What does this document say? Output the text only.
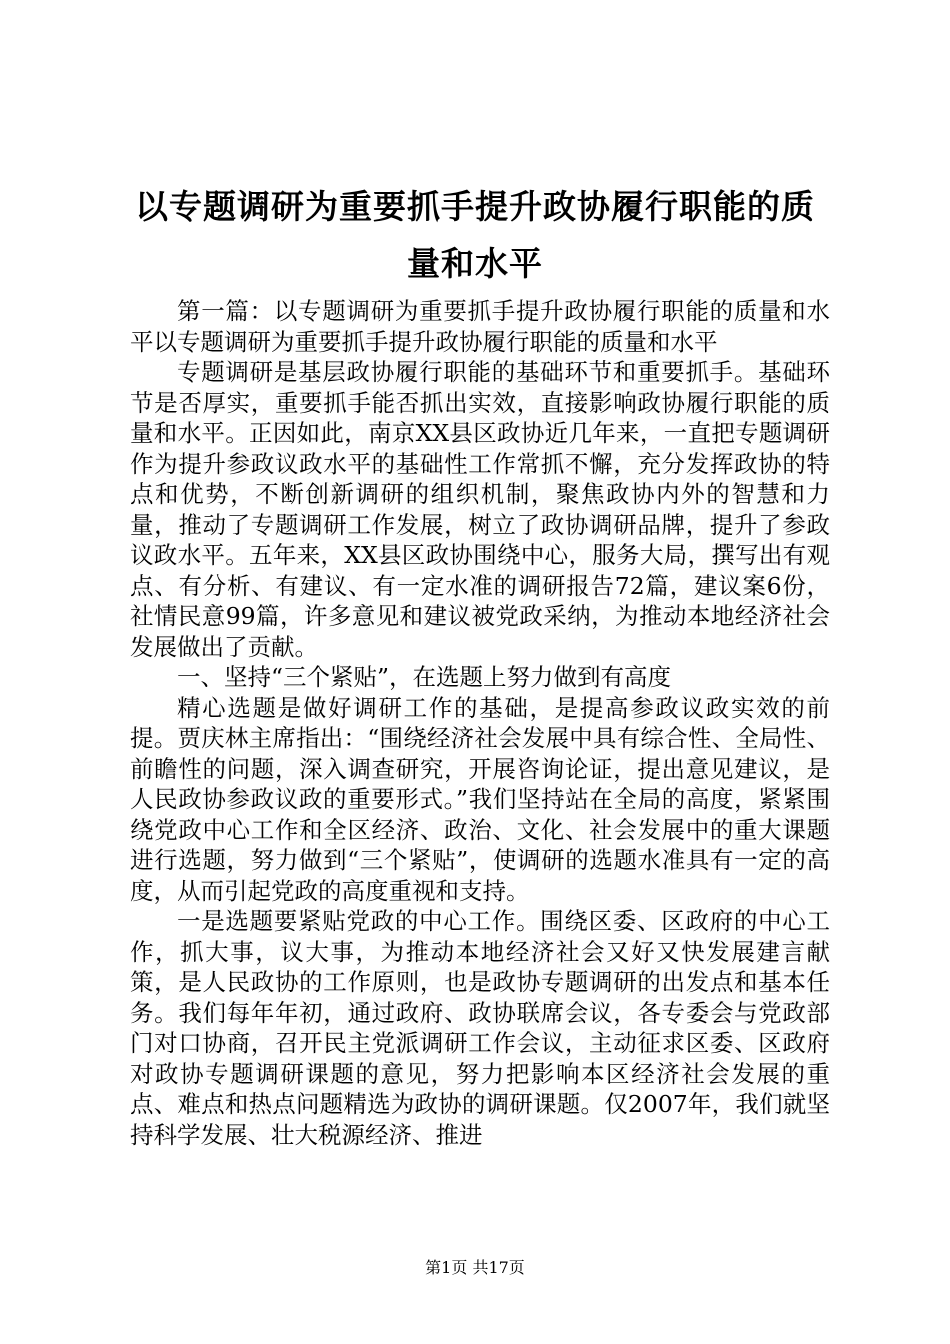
以专题调研为重要抓手提升政协履行职能的质量和水平

第一篇：以专题调研为重要抓手提升政协履行职能的质量和水平以专题调研为重要抓手提升政协履行职能的质量和水平

专题调研是基层政协履行职能的基础环节和重要抓手。基础环节是否厚实，重要抓手能否抓出实效，直接影响政协履行职能的质量和水平。正因如此，南京XX县区政协近几年来，一直把专题调研作为提升参政议政水平的基础性工作常抓不懈，充分发挥政协的特点和优势，不断创新调研的组织机制，聚焦政协内外的智慧和力量，推动了专题调研工作发展，树立了政协调研品牌，提升了参政议政水平。五年来，XX县区政协围绕中心，服务大局，撰写出有观点、有分析、有建议、有一定水准的调研报告72篇，建议案6份，社情民意99篇，许多意见和建议被党政采纳，为推动本地经济社会发展做出了贡献。

一、坚持“三个紧贴”，在选题上努力做到有高度

精心选题是做好调研工作的基础，是提高参政议政实效的前提。贾庆林主席指出：“围绕经济社会发展中具有综合性、全局性、前瞻性的问题，深入调查研究，开展咨询论证，提出意见建议，是人民政协参政议政的重要形式。”我们坚持站在全局的高度，紧紧围绕党政中心工作和全区经济、政治、文化、社会发展中的重大课题进行选题，努力做到“三个紧贴”，使调研的选题水准具有一定的高度，从而引起党政的高度重视和支持。

一是选题要紧贴党政的中心工作。围绕区委、区政府的中心工作，抓大事，议大事，为推动本地经济社会又好又快发展建言献策，是人民政协的工作原则，也是政协专题调研的出发点和基本任务。我们每年年初，通过政府、政协联席会议，各专委会与党政部门对口协商，召开民主党派调研工作会议，主动征求区委、区政府对政协专题调研课题的意见，努力把影响本区经济社会发展的重点、难点和热点问题精选为政协的调研课题。仅2007年，我们就坚持科学发展、壮大税源经济、推进

第1页 共17页
